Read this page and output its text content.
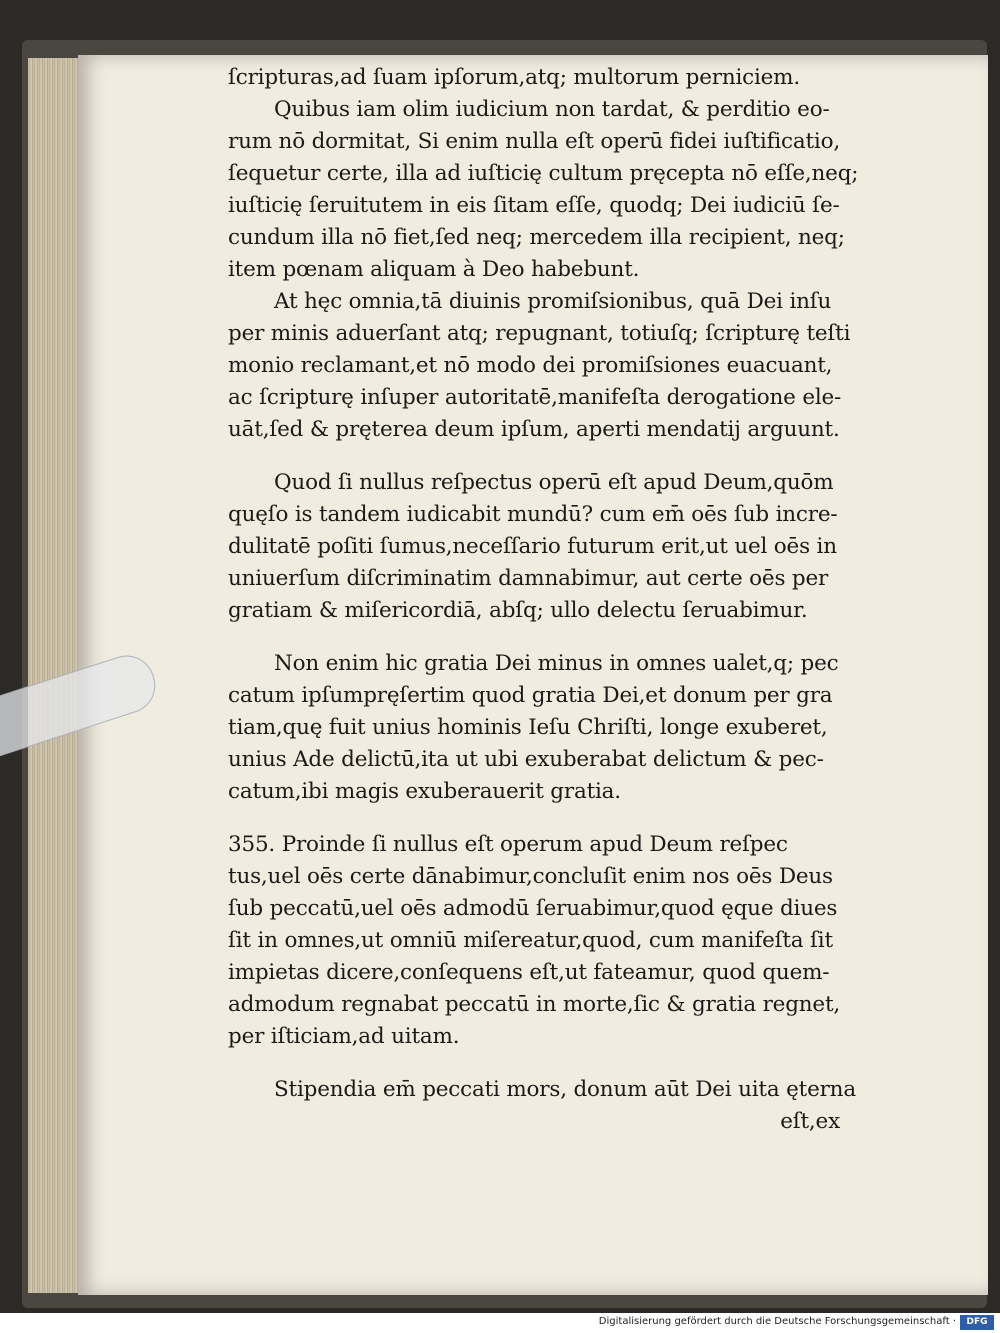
ſcripturas,ad ſuam ipſorum,atq; multorum perniciem.
Quibus iam olim iudicium non tardat, & perditio eo-
rum nō dormitat, Si enim nulla eſt operū fidei iuſtificatio,
ſequetur certe, illa ad iuſticię cultum pręcepta nō eſſe,neq;
iuſticię ſeruitutem in eis ſitam eſſe, quodq; Dei iudiciū ſe-
cundum illa nō fiet,ſed neq; mercedem illa recipient, neq;
item pœnam aliquam à Deo habebunt.
At hęc omnia,tā diuinis promiſsionibus, quā Dei inſu
per minis aduerſant atq; repugnant, totiuſq; ſcripturę teſti
monio reclamant,et nō modo dei promiſsiones euacuant,
ac ſcripturę inſuper autoritatē,manifeſta derogatione ele-
uāt,ſed & pręterea deum ipſum, aperti mendatij arguunt.
Quod ſi nullus reſpectus operū eſt apud Deum,quōm
quęſo is tandem iudicabit mundū? cum em̄ oēs ſub incre-
dulitatē poſiti ſumus,neceſſario futurum erit,ut uel oēs in
uniuerſum diſcriminatim damnabimur, aut certe oēs per
gratiam & miſericordiā, abſq; ullo delectu ſeruabimur.
Non enim hic gratia Dei minus in omnes ualet,q; pec
catum ipſumpręſertim quod gratia Dei,et donum per gra
tiam,quę fuit unius hominis Ieſu Chriſti, longe exuberet,
unius Ade delictū,ita ut ubi exuberabat delictum & pec-
catum,ibi magis exuberauerit gratia.
355. Proinde ſi nullus eſt operum apud Deum reſpec
tus,uel oēs certe dānabimur,concluſit enim nos oēs Deus
ſub peccatū,uel oēs admodū ſeruabimur,quod ęque diues
ſit in omnes,ut omniū miſereatur,quod, cum manifeſta ſit
impietas dicere,conſequens eſt,ut fateamur, quod quem-
admodum regnabat peccatū in morte,ſic & gratia regnet,
per iſticiam,ad uitam.
Stipendia em̄ peccati mors, donum aūt Dei uita ęterna
eſt,ex
Digitalisierung gefördert durch die Deutsche Forschungsgemeinschaft ·	DFG
